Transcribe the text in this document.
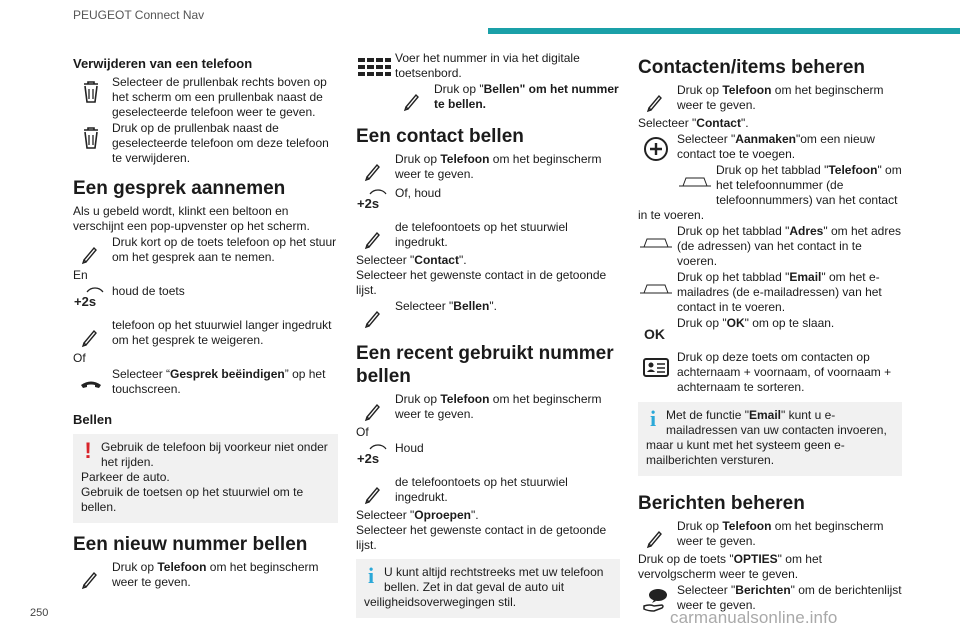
PEUGEOT Connect Nav
250	carmanualsonline.info
Verwijderen van een telefoon
Selecteer de prullenbak rechts boven op het scherm om een prullenbak naast de geselecteerde telefoon weer te geven.
Druk op de prullenbak naast de geselecteerde telefoon om deze telefoon te verwijderen.
Een gesprek aannemen
Als u gebeld wordt, klinkt een beltoon en verschijnt een pop-upvenster op het scherm.
Druk kort op de toets telefoon op het stuur om het gesprek aan te nemen.
En
+2s
houd de toets
telefoon op het stuurwiel langer ingedrukt om het gesprek te weigeren.
Of
Selecteer “Gesprek beëindigen” op het touchscreen.
Bellen
! Gebruik de telefoon bij voorkeur niet onder het rijden.
Parkeer de auto.
Gebruik de toetsen op het stuurwiel om te bellen.
Een nieuw nummer bellen
Druk op Telefoon om het beginscherm weer te geven.
Voer het nummer in via het digitale toetsenbord.
Druk op "Bellen" om het nummer te bellen.
Een contact bellen
Druk op Telefoon om het beginscherm weer te geven.
+2s
Of, houd
de telefoontoets op het stuurwiel ingedrukt.
Selecteer "Contact".
Selecteer het gewenste contact in de getoonde lijst.
Selecteer "Bellen".
Een recent gebruikt nummer bellen
Druk op Telefoon om het beginscherm weer te geven.
Of
+2s
Houd
de telefoontoets op het stuurwiel ingedrukt.
Selecteer "Oproepen".
Selecteer het gewenste contact in de getoonde lijst.
i U kunt altijd rechtstreeks met uw telefoon bellen. Zet in dat geval de auto uit veiligheidsoverwegingen stil.
Contacten/items beheren
Druk op Telefoon om het beginscherm weer te geven.
Selecteer "Contact".
Selecteer "Aanmaken"om een nieuw contact toe te voegen.
Druk op het tabblad "Telefoon" om het telefoonnummer (de telefoonnummers) van het contact in te voeren.
Druk op het tabblad "Adres" om het adres (de adressen) van het contact in te voeren.
Druk op het tabblad "Email" om het e-mailadres (de e-mailadressen) van het contact in te voeren.
OK
Druk op "OK" om op te slaan.
Druk op deze toets om contacten op achternaam + voornaam, of voornaam + achternaam te sorteren.
i Met de functie "Email" kunt u e-mailadressen van uw contacten invoeren, maar u kunt met het systeem geen e-mailberichten versturen.
Berichten beheren
Druk op Telefoon om het beginscherm weer te geven.
Druk op de toets "OPTIES" om het vervolgscherm weer te geven.
Selecteer "Berichten" om de berichtenlijst weer te geven.
